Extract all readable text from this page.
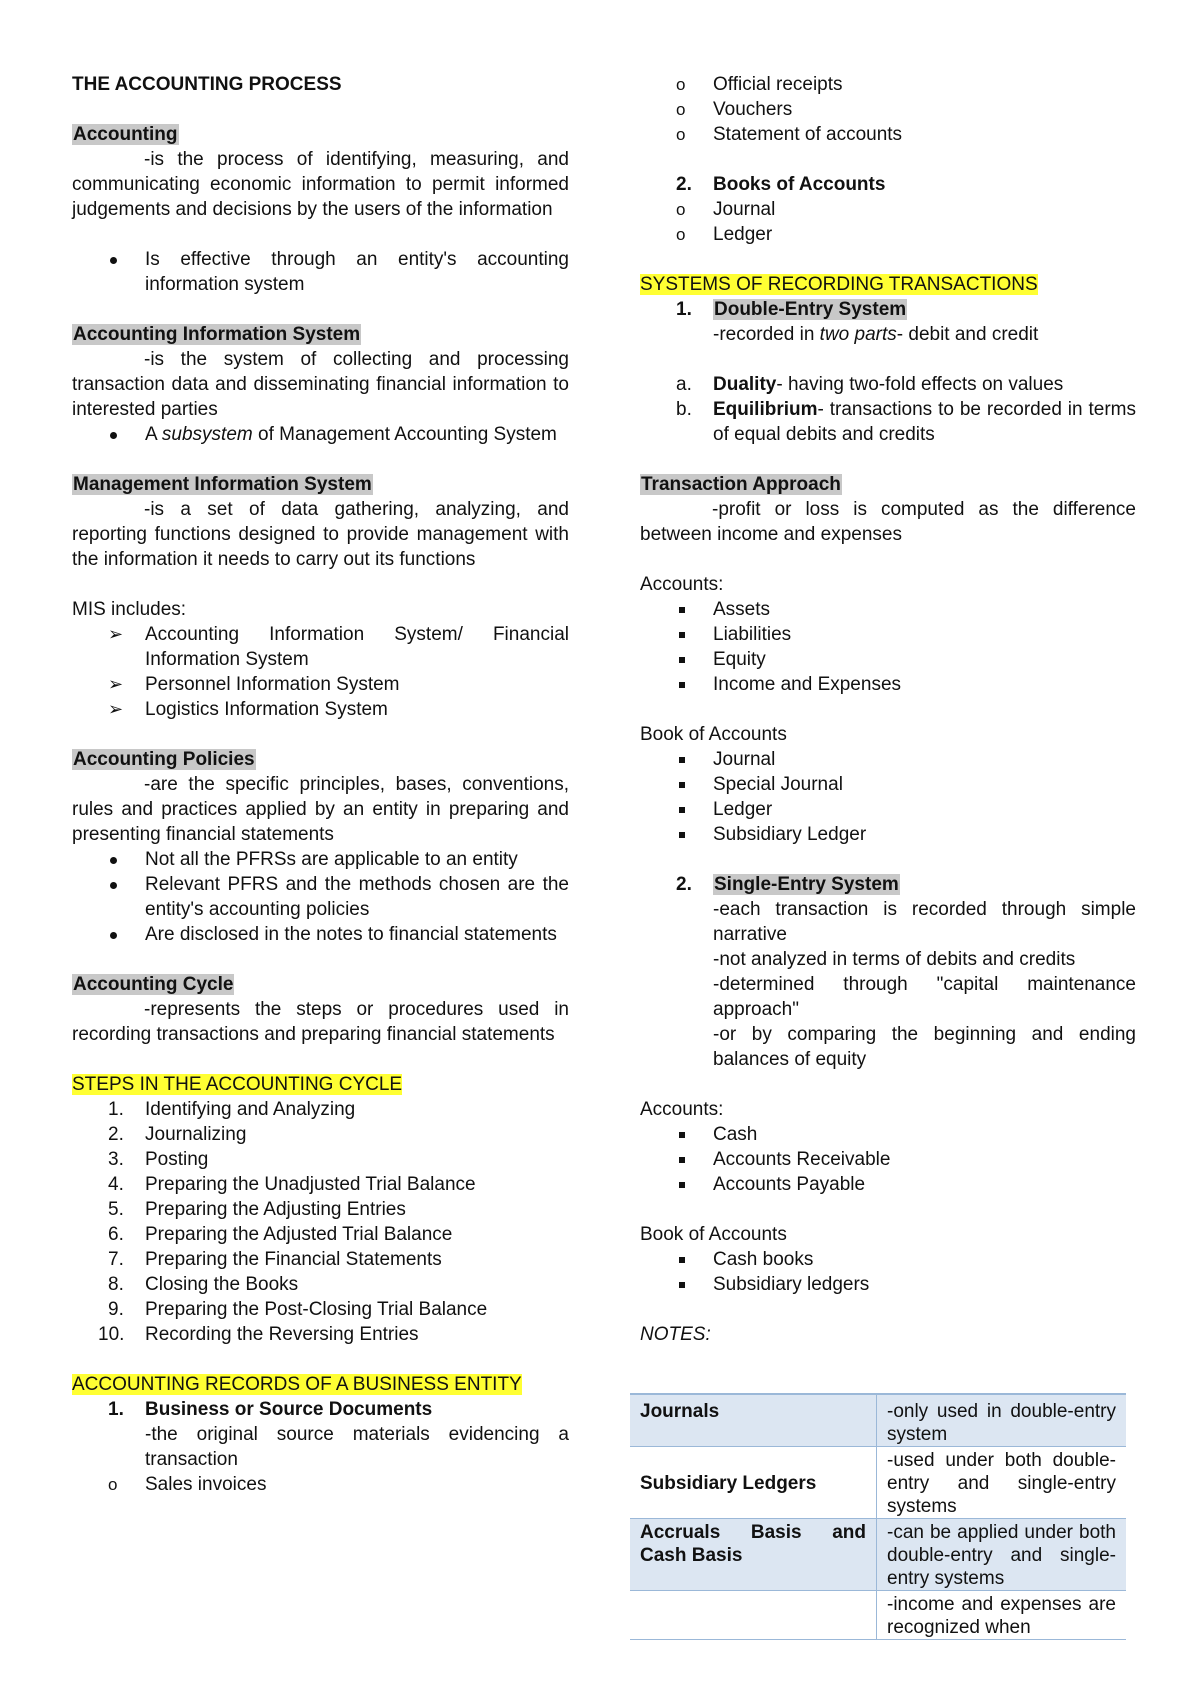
THE ACCOUNTING PROCESS

Accounting

-is the process of identifying, measuring, and communicating economic information to permit informed judgements and decisions by the users of the information

Is effective through an entity's accounting information system

Accounting Information System

-is the system of collecting and processing transaction data and disseminating financial information to interested parties

A subsystem of Management Accounting System

Management Information System

-is a set of data gathering, analyzing, and reporting functions designed to provide management with the information it needs to carry out its functions

MIS includes:

➢ Accounting Information System/ Financial Information System
➢ Personnel Information System
➢ Logistics Information System

Accounting Policies

-are the specific principles, bases, conventions, rules and practices applied by an entity in preparing and presenting financial statements

Not all the PFRSs are applicable to an entity
Relevant PFRS and the methods chosen are the entity's accounting policies
Are disclosed in the notes to financial statements

Accounting Cycle

-represents the steps or procedures used in recording transactions and preparing financial statements

STEPS IN THE ACCOUNTING CYCLE

1. Identifying and Analyzing
2. Journalizing
3. Posting
4. Preparing the Unadjusted Trial Balance
5. Preparing the Adjusting Entries
6. Preparing the Adjusted Trial Balance
7. Preparing the Financial Statements
8. Closing the Books
9. Preparing the Post-Closing Trial Balance
10. Recording the Reversing Entries

ACCOUNTING RECORDS OF A BUSINESS ENTITY

1. Business or Source Documents

-the original source materials evidencing a transaction

o Sales invoices
o Official receipts
o Vouchers
o Statement of accounts
2. Books of Accounts
o Journal
o Ledger

SYSTEMS OF RECORDING TRANSACTIONS

1. Double-Entry System

-recorded in two parts- debit and credit

a. Duality- having two-fold effects on values
b. Equilibrium- transactions to be recorded in terms of equal debits and credits

Transaction Approach

-profit or loss is computed as the difference between income and expenses

Accounts:

Assets
Liabilities
Equity
Income and Expenses

Book of Accounts

Journal
Special Journal
Ledger
Subsidiary Ledger
2. Single-Entry System

-each transaction is recorded through simple narrative

-not analyzed in terms of debits and credits

-determined through "capital maintenance approach"

-or by comparing the beginning and ending balances of equity

Accounts:

Cash
Accounts Receivable
Accounts Payable

Book of Accounts

Cash books
Subsidiary ledgers

NOTES:

Journals	-only used in double-entry system
Subsidiary Ledgers	-used under both double-entry and single-entry systems
Accruals Basis and Cash Basis	-can be applied under both double-entry and single-entry systems
	-income and expenses are recognized when
